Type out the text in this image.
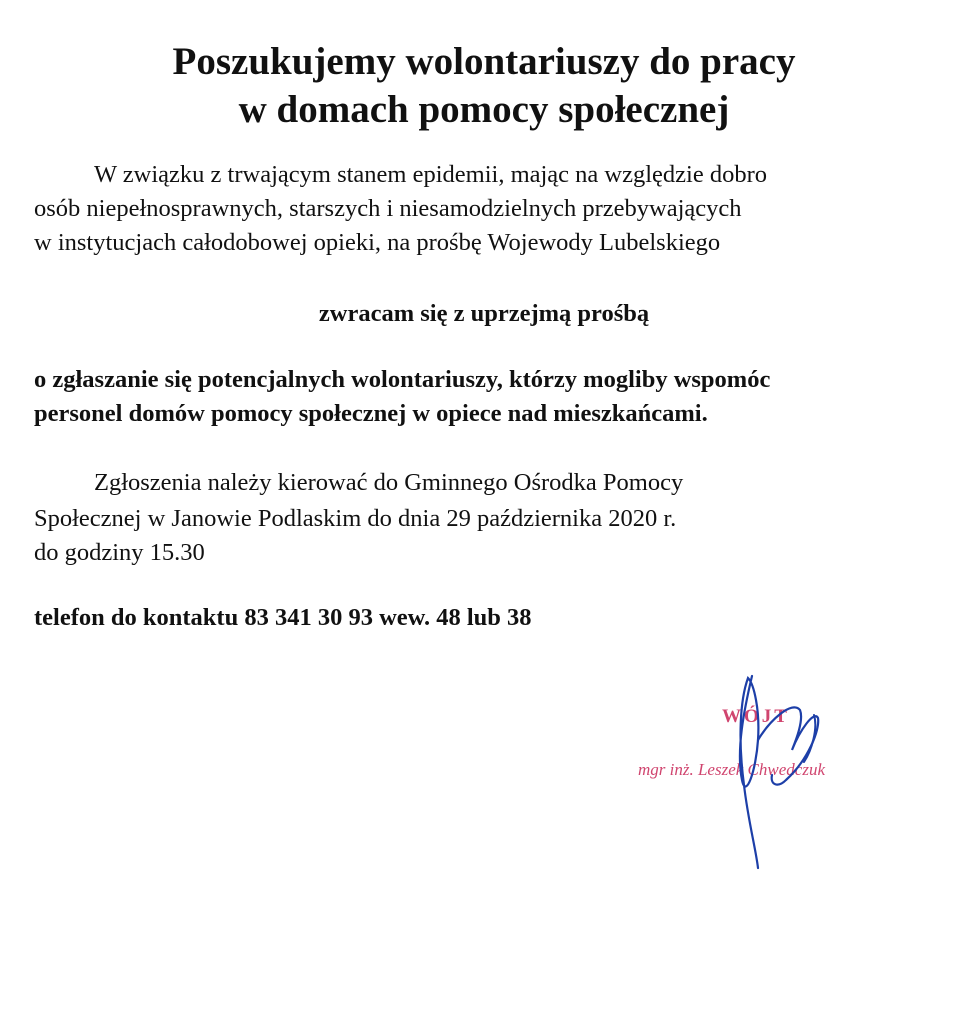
Poszukujemy wolontariuszy do pracy
w domach pomocy społecznej

W związku z trwającym stanem epidemii, mając na względzie dobro

osób niepełnosprawnych, starszych i niesamodzielnych przebywających

w instytucjach całodobowej opieki, na prośbę Wojewody Lubelskiego

zwracam się z uprzejmą prośbą

o zgłaszanie się potencjalnych wolontariuszy, którzy mogliby wspomóc

personel domów pomocy społecznej w opiece nad mieszkańcami.

Zgłoszenia należy kierować do Gminnego Ośrodka Pomocy

Społecznej w Janowie Podlaskim do dnia 29 października 2020 r.

do godziny 15.30

telefon do kontaktu 83 341 30 93 wew. 48 lub 38

WÓJT
mgr inż. Leszek Chwedczuk
